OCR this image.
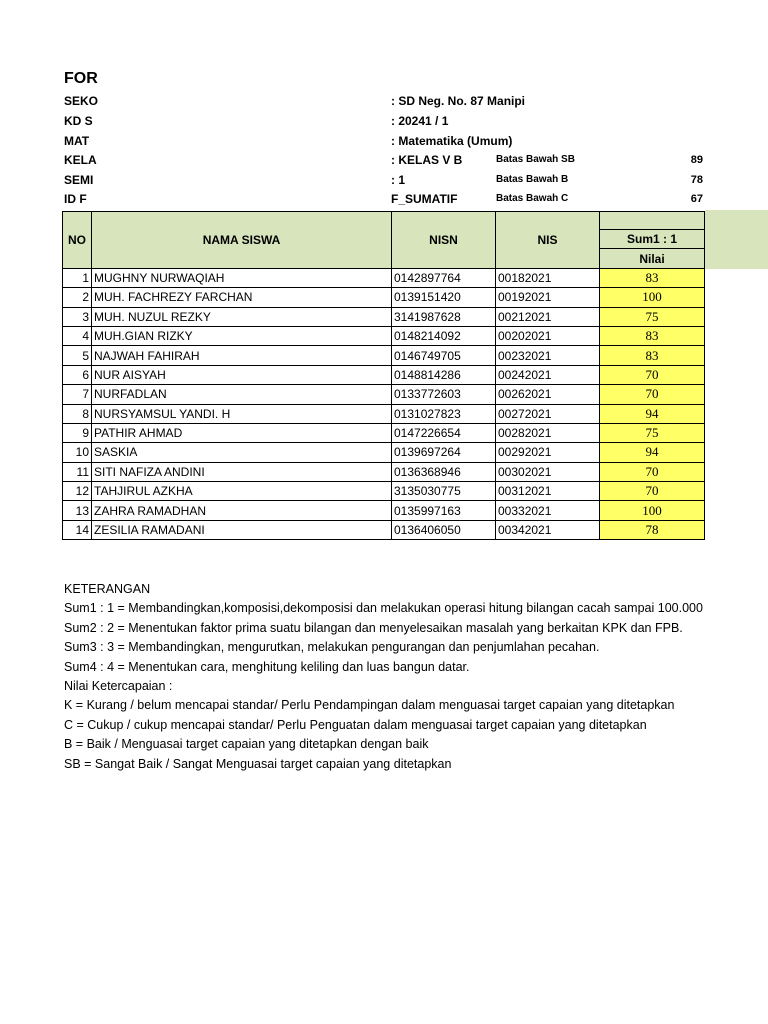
FOR
SEKO	: SD Neg. No. 87 Manipi
KD S	: 20241 / 1
MAT	: Matematika (Umum)
KELA	: KELAS V B
SEMI	: 1
ID F	F_SUMATIF
Batas Bawah SB	89
Batas Bawah B	78
Batas Bawah C	67
NO	NAMA SISWA	NISN	NIS	
				Sum1 : 1
				Nilai
1	MUGHNY NURWAQIAH	0142897764	00182021	83
2	MUH. FACHREZY FARCHAN	0139151420	00192021	100
3	MUH. NUZUL REZKY	3141987628	00212021	75
4	MUH.GIAN RIZKY	0148214092	00202021	83
5	NAJWAH FAHIRAH	0146749705	00232021	83
6	NUR AISYAH	0148814286	00242021	70
7	NURFADLAN	0133772603	00262021	70
8	NURSYAMSUL YANDI. H	0131027823	00272021	94
9	PATHIR AHMAD	0147226654	00282021	75
10	SASKIA	0139697264	00292021	94
11	SITI NAFIZA ANDINI	0136368946	00302021	70
12	TAHJIRUL AZKHA	3135030775	00312021	70
13	ZAHRA RAMADHAN	0135997163	00332021	100
14	ZESILIA RAMADANI	0136406050	00342021	78
KETERANGAN
Sum1 : 1 = Membandingkan,komposisi,dekomposisi dan melakukan operasi hitung bilangan cacah sampai 100.000
Sum2 : 2 = Menentukan faktor prima suatu bilangan dan menyelesaikan masalah yang berkaitan KPK dan FPB.
Sum3 : 3 = Membandingkan, mengurutkan, melakukan pengurangan dan penjumlahan pecahan.
Sum4 : 4 = Menentukan cara, menghitung keliling dan luas bangun datar.
Nilai Ketercapaian :
K = Kurang / belum mencapai standar/ Perlu Pendampingan dalam menguasai target capaian yang ditetapkan
C = Cukup / cukup mencapai standar/ Perlu Penguatan dalam menguasai target capaian yang ditetapkan
B = Baik / Menguasai target capaian yang ditetapkan dengan baik
SB = Sangat Baik / Sangat Menguasai target capaian yang ditetapkan
